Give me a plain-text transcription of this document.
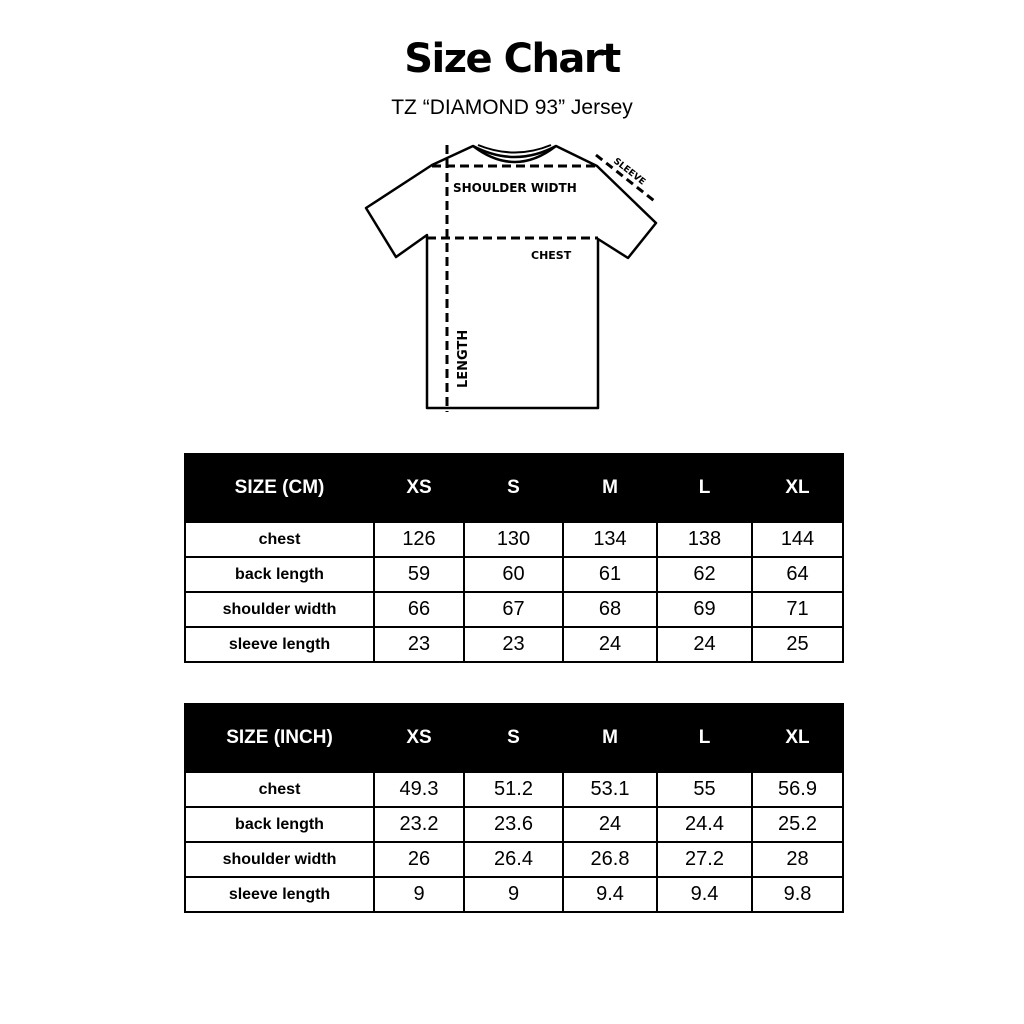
Size Chart
TZ “DIAMOND 93” Jersey
SHOULDER WIDTH
CHEST
SLEEVE
LENGTH
SIZE (CM)	XS	S	M	L	XL
chest	126	130	134	138	144
back length	59	60	61	62	64
shoulder width	66	67	68	69	71
sleeve length	23	23	24	24	25
SIZE (INCH)	XS	S	M	L	XL
chest	49.3	51.2	53.1	55	56.9
back length	23.2	23.6	24	24.4	25.2
shoulder width	26	26.4	26.8	27.2	28
sleeve length	9	9	9.4	9.4	9.8
